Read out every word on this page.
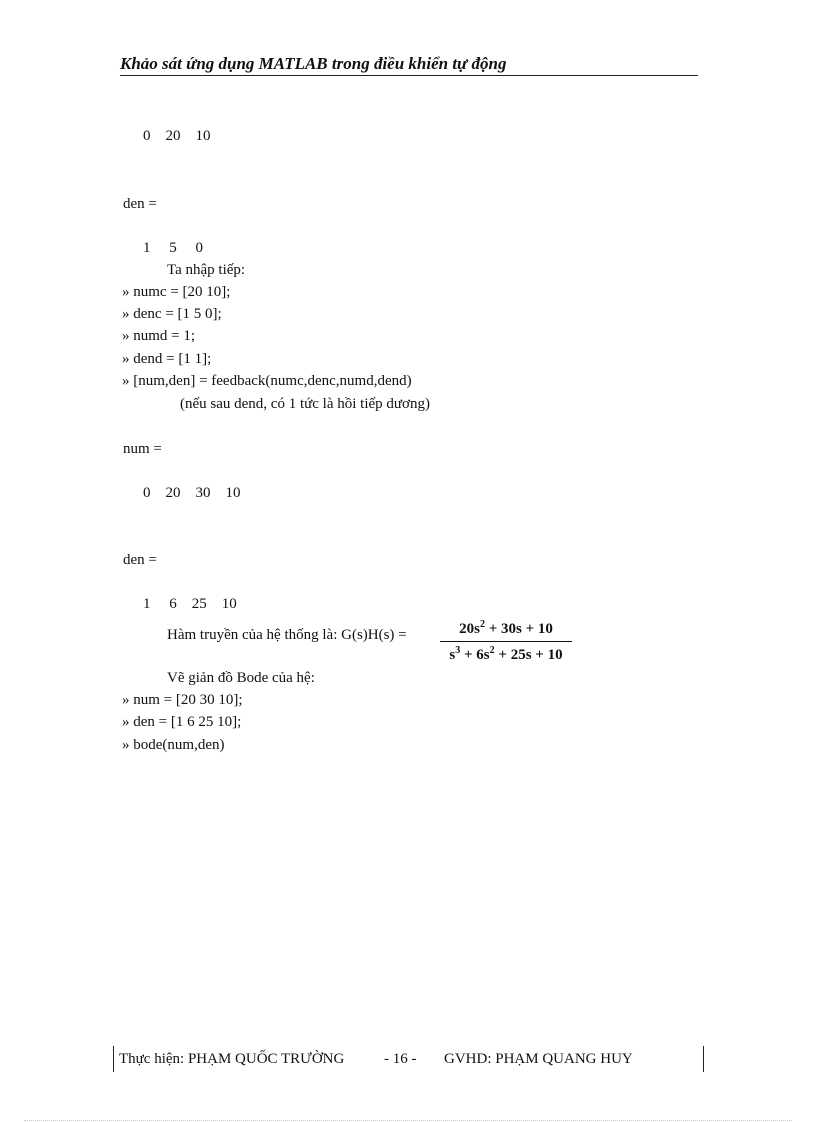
Khảo sát ứng dụng MATLAB trong điều khiển tự động
0    20    10
den =
1     5     0
Ta nhập tiếp:
» numc = [20 10];
» denc = [1 5 0];
» numd = 1;
» dend = [1 1];
» [num,den] = feedback(numc,denc,numd,dend)
(nếu sau dend, có 1 tức là hồi tiếp dương)
num =
0    20    30    10
den =
1     6    25    10
Hàm truyền của hệ thống là: G(s)H(s) =	$20s^2 + 30s + 10$
$s^3 + 6s^2 + 25s + 10$
Vẽ giản đồ Bode của hệ:
» num = [20 30 10];
» den = [1 6 25 10];
» bode(num,den)
Thực hiện: PHẠM QUỐC TRƯỜNG	- 16 - GVHD: PHẠM QUANG HUY
